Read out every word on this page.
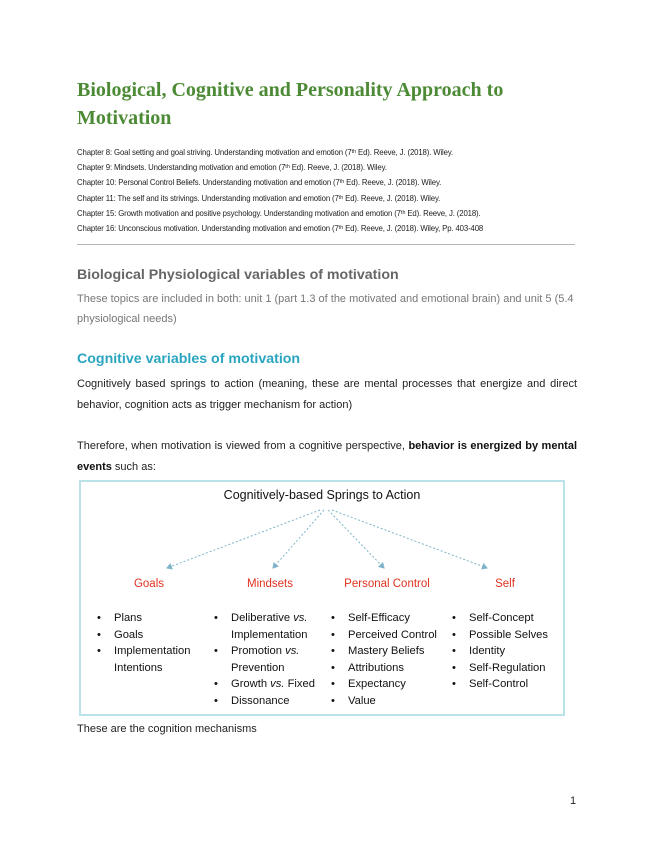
Biological, Cognitive and Personality Approach to Motivation
Chapter 8: Goal setting and goal striving. Understanding motivation and emotion (7ᵗʰ Ed). Reeve, J. (2018). Wiley.
Chapter 9: Mindsets. Understanding motivation and emotion (7ᵗʰ Ed). Reeve, J. (2018). Wiley.
Chapter 10: Personal Control Beliefs. Understanding motivation and emotion (7ᵗʰ Ed). Reeve, J. (2018). Wiley.
Chapter 11: The self and its strivings. Understanding motivation and emotion (7ᵗʰ Ed). Reeve, J. (2018). Wiley.
Chapter 15: Growth motivation and positive psychology. Understanding motivation and emotion (7ᵗʰ Ed). Reeve, J. (2018).
Chapter 16: Unconscious motivation. Understanding motivation and emotion (7ᵗʰ Ed). Reeve, J. (2018). Wiley, Pp. 403-408
Biological Physiological variables of motivation

These topics are included in both: unit 1 (part 1.3 of the motivated and emotional brain) and unit 5 (5.4 physiological needs)

Cognitive variables of motivation

Cognitively based springs to action (meaning, these are mental processes that energize and direct behavior, cognition acts as trigger mechanism for action)

Therefore, when motivation is viewed from a cognitive perspective, behavior is energized by mental events such as:

Cognitively-based Springs to Action
Goals
• Plans
• Goals
• Implementation
Intentions
Mindsets
• Deliberative vs.
Implementation
• Promotion vs.
Prevention
• Growth vs. Fixed
• Dissonance
Personal Control
• Self-Efficacy
• Perceived Control
• Mastery Beliefs
• Attributions
• Expectancy
• Value
Self
• Self-Concept
• Possible Selves
• Identity
• Self-Regulation
• Self-Control

These are the cognition mechanisms

1
